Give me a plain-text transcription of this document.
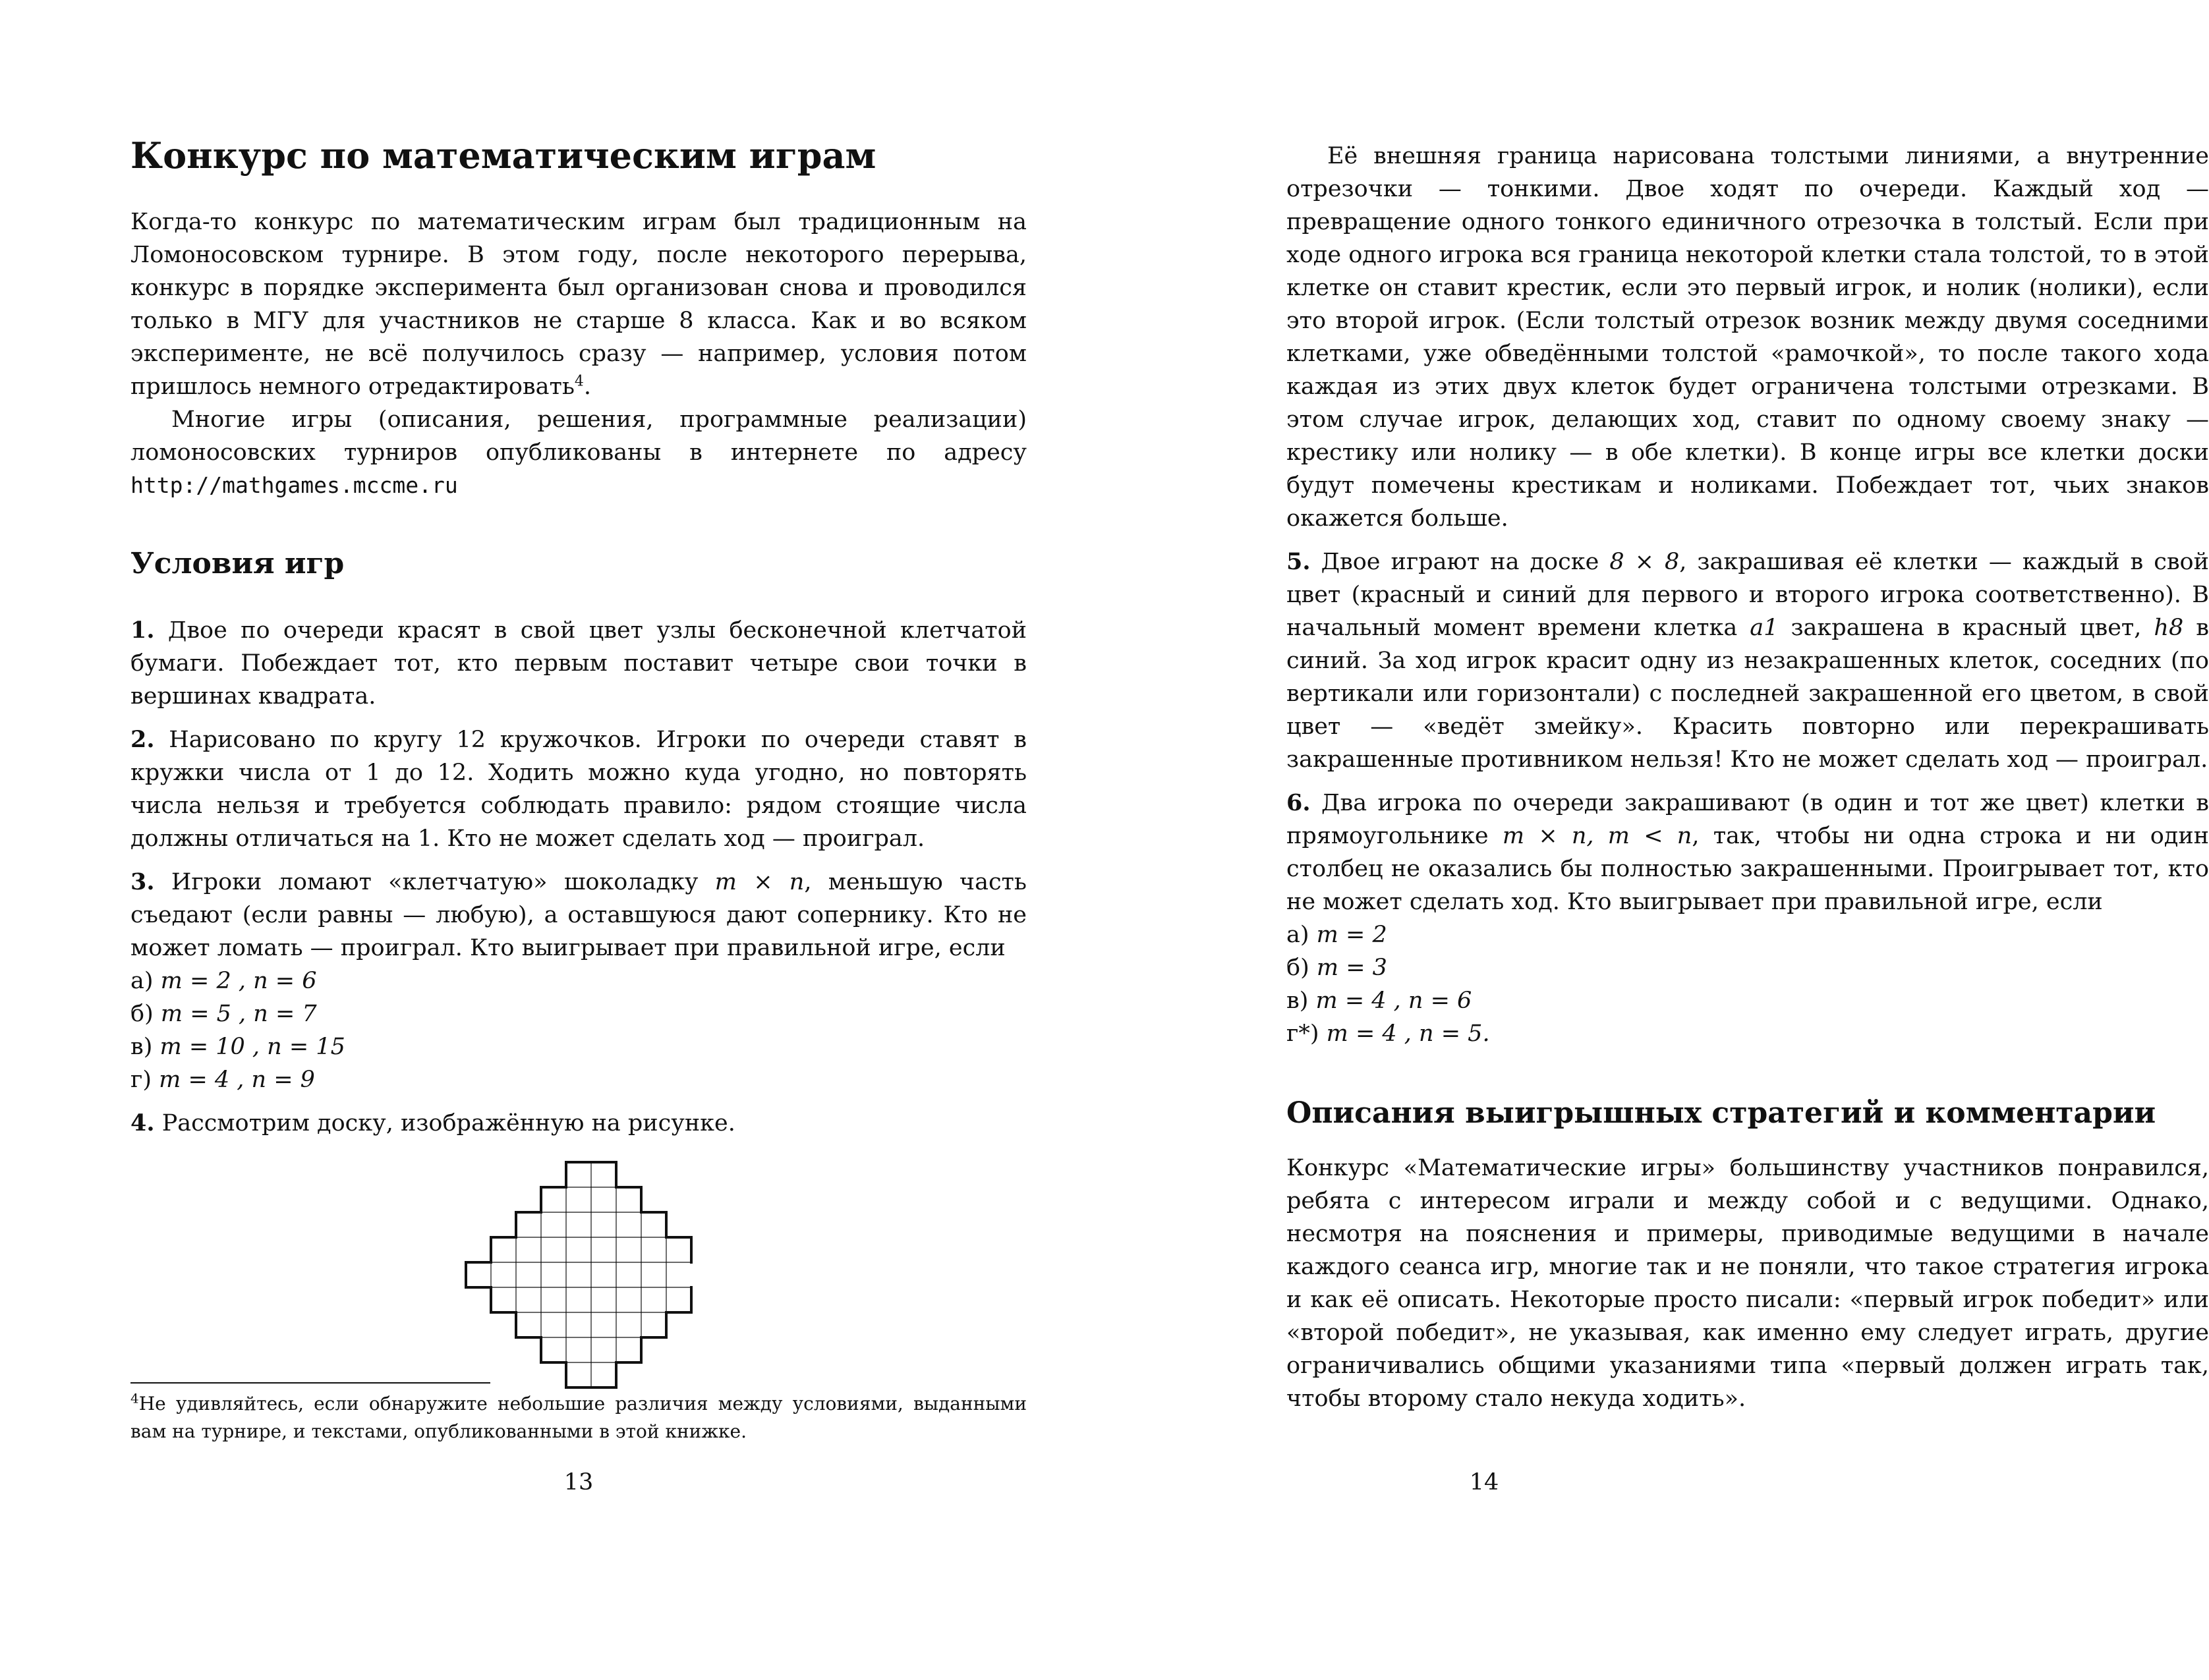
Конкурс по математическим играм

Когда-то конкурс по математическим играм был традиционным на Ломоносовском турнире. В этом году, после некоторого перерыва, конкурс в порядке эксперимента был организован снова и проводился только в МГУ для участников не старше 8 класса. Как и во всяком эксперименте, не всё получилось сразу — например, условия потом пришлось немного отредактировать$^4$.

Многие игры (описания, решения, программные реализации) ломоносовских турниров опубликованы в интернете по адресу http://mathgames.mccme.ru

Условия игр

1. Двое по очереди красят в свой цвет узлы бесконечной клетчатой бумаги. Побеждает тот, кто первым поставит четыре свои точки в вершинах квадрата.

2. Нарисовано по кругу 12 кружочков. Игроки по очереди ставят в кружки числа от 1 до 12. Ходить можно куда угодно, но повторять числа нельзя и требуется соблюдать правило: рядом стоящие числа должны отличаться на 1. Кто не может сделать ход — проиграл.

3. Игроки ломают «клетчатую» шоколадку m × n, меньшую часть съедают (если равны — любую), а оставшуюся дают сопернику. Кто не может ломать — проиграл. Кто выигрывает при правильной игре, если

а) m = 2 , n = 6
б) m = 5 , n = 7
в) m = 10 , n = 15
г) m = 4 , n = 9

4. Рассмотрим доску, изображённую на рисунке.

$^4$Не удивляйтесь, если обнаружите небольшие различия между условиями, выданными вам на турнире, и текстами, опубликованными в этой книжке.
13

Её внешняя граница нарисована толстыми линиями, а внутренние отрезочки — тонкими. Двое ходят по очереди. Каждый ход — превращение одного тонкого единичного отрезочка в толстый. Если при ходе одного игрока вся граница некоторой клетки стала толстой, то в этой клетке он ставит крестик, если это первый игрок, и нолик (нолики), если это второй игрок. (Если толстый отрезок возник между двумя соседними клетками, уже обведёнными толстой «рамочкой», то после такого хода каждая из этих двух клеток будет ограничена толстыми отрезками. В этом случае игрок, делающих ход, ставит по одному своему знаку — крестику или нолику — в обе клетки). В конце игры все клетки доски будут помечены крестикам и ноликами. Побеждает тот, чьих знаков окажется больше.

5. Двое играют на доске 8 × 8, закрашивая её клетки — каждый в свой цвет (красный и синий для первого и второго игрока соответственно). В начальный момент времени клетка a1 закрашена в красный цвет, h8 в синий. За ход игрок красит одну из незакрашенных клеток, соседних (по вертикали или горизонтали) с последней закрашенной его цветом, в свой цвет — «ведёт змейку». Красить повторно или перекрашивать закрашенные противником нельзя! Кто не может сделать ход — проиграл.

6. Два игрока по очереди закрашивают (в один и тот же цвет) клетки в прямоугольнике m × n, m < n, так, чтобы ни одна строка и ни один столбец не оказались бы полностью закрашенными. Проигрывает тот, кто не может сделать ход. Кто выигрывает при правильной игре, если

а) m = 2
б) m = 3
в) m = 4 , n = 6
г*) m = 4 , n = 5.
Описания выигрышных стратегий и комментарии

Конкурс «Математические игры» большинству участников понравился, ребята с интересом играли и между собой и с ведущими. Однако, несмотря на пояснения и примеры, приводимые ведущими в начале каждого сеанса игр, многие так и не поняли, что такое стратегия игрока и как её описать. Некоторые просто писали: «первый игрок победит» или «второй победит», не указывая, как именно ему следует играть, другие ограничивались общими указаниями типа «первый должен играть так, чтобы второму стало некуда ходить».

14
